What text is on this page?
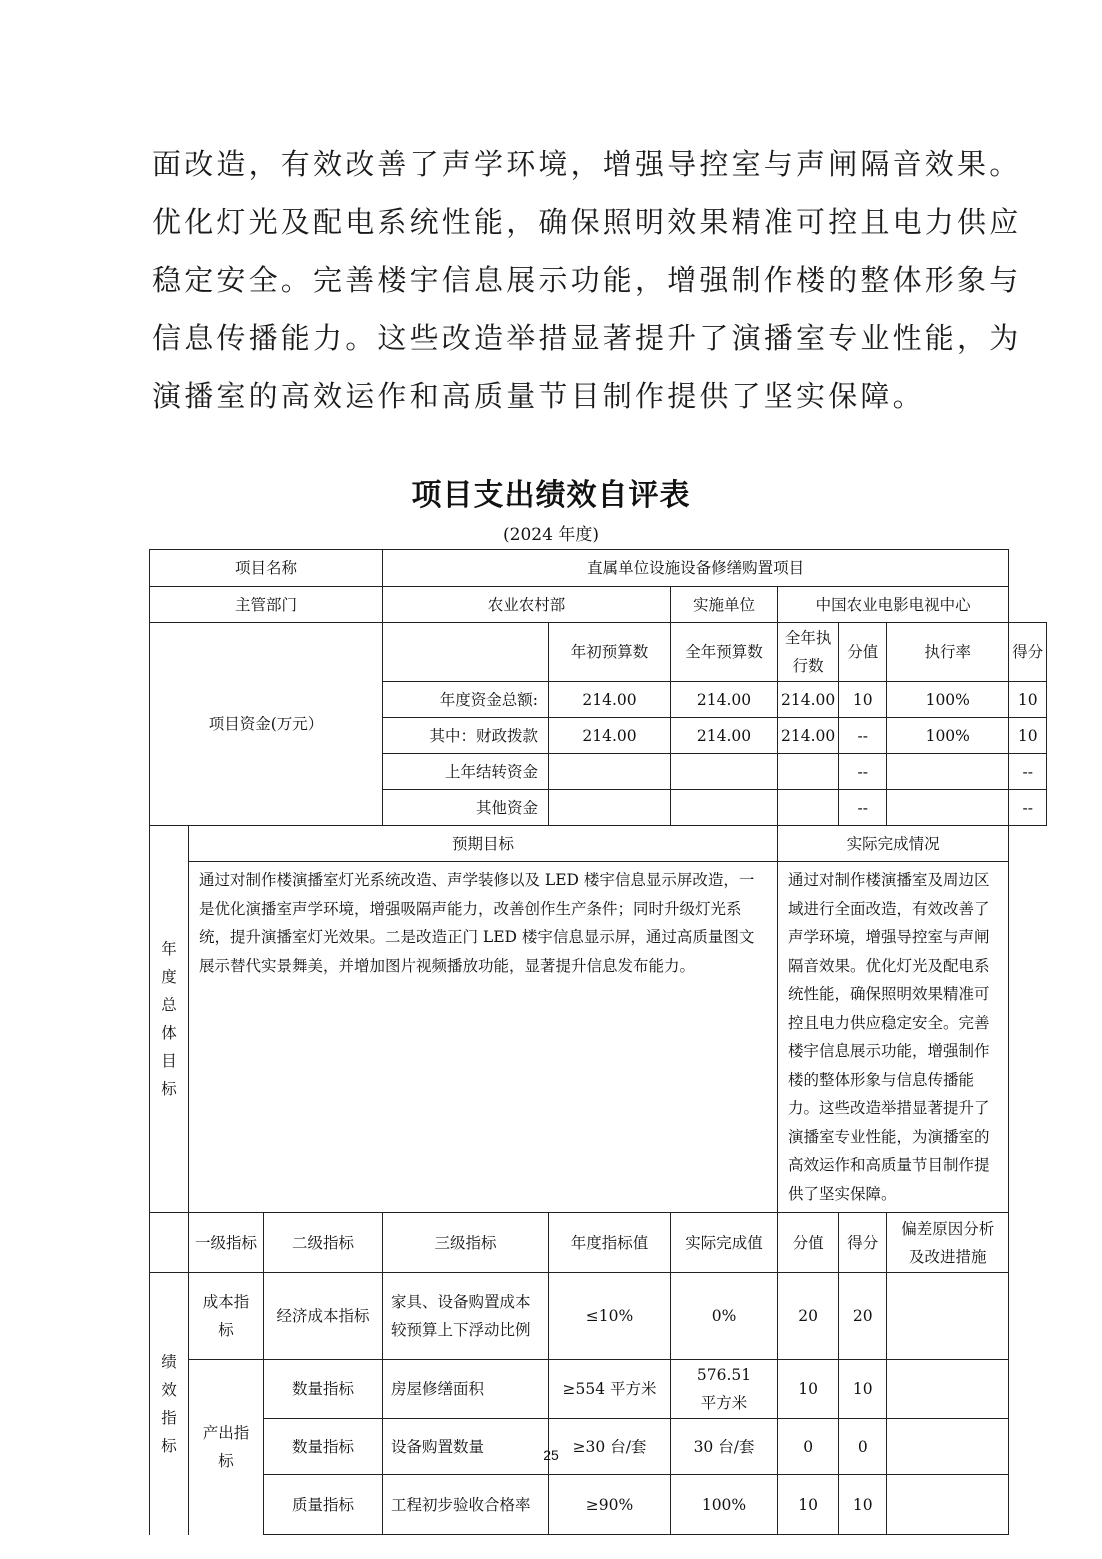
面改造，有效改善了声学环境，增强导控室与声闸隔音效果。
优化灯光及配电系统性能，确保照明效果精准可控且电力供应
稳定安全。完善楼宇信息展示功能，增强制作楼的整体形象与
信息传播能力。这些改造举措显著提升了演播室专业性能，为
演播室的高效运作和高质量节目制作提供了坚实保障。
项目支出绩效自评表

(2024 年度)

项目名称			直属单位设施设备修缮购置项目						
主管部门			农业农村部		实施单位	中国农业电影电视中心			
项目资金(万元）				年初预算数	全年预算数	全年执行数	分值	执行率	得分
			年度资金总额:	214.00	214.00	214.00	10	100%	10
			其中：财政拨款	214.00	214.00	214.00	--	100%	10
			上年结转资金				--		--
			其他资金				--		--

年度总体目标	预期目标					实际完成情况			
	通过对制作楼演播室灯光系统改造、声学装修以及 LED 楼宇信息显示屏改造，一是优化演播室声学环境，增强吸隔声能力，改善创作生产条件；同时升级灯光系统，提升演播室灯光效果。二是改造正门 LED 楼宇信息显示屏，通过高质量图文展示替代实景舞美，并增加图片视频播放功能，显著提升信息发布能力。					通过对制作楼演播室及周边区域进行全面改造，有效改善了声学环境，增强导控室与声闸隔音效果。优化灯光及配电系统性能，确保照明效果精准可控且电力供应稳定安全。完善楼宇信息展示功能，增强制作楼的整体形象与信息传播能力。这些改造举措显著提升了演播室专业性能，为演播室的高效运作和高质量节目制作提供了坚实保障。			
	一级指标	二级指标	三级指标	年度指标值	实际完成值	分值	得分	偏差原因分析及改进措施	

绩效指标	成本指标	经济成本指标	家具、设备购置成本较预算上下浮动比例	≤10%	0%	20	20		
	产出指标	数量指标	房屋修缮面积	≥554 平方米	576.51 平方米	10	10		
		数量指标	设备购置数量	≥30 台/套	30 台/套	0	0		
		质量指标	工程初步验收合格率	≥90%	100%	10	10		
25
